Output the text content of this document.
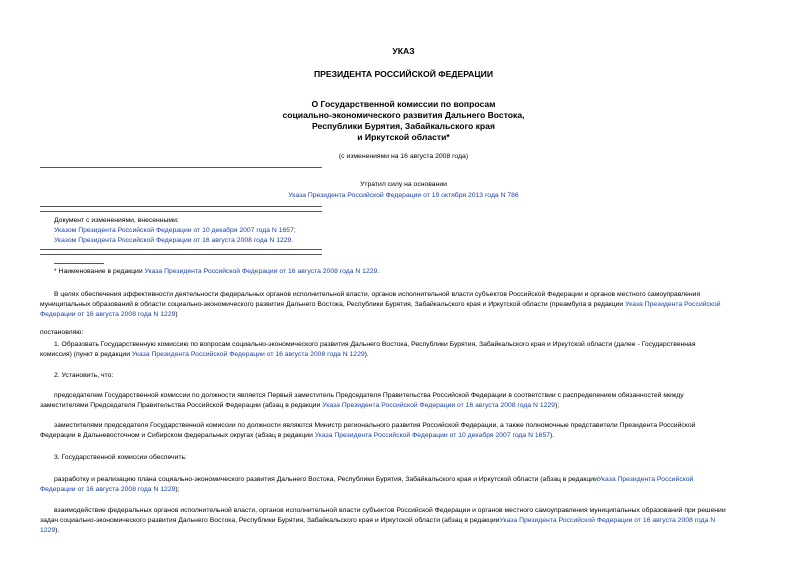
УКАЗ
ПРЕЗИДЕНТА РОССИЙСКОЙ ФЕДЕРАЦИИ
О Государственной комиссии по вопросам
социально-экономического развития Дальнего Востока,
Республики Бурятия, Забайкальского края
и Иркутской области*
(с изменениями на 16 августа 2008 года)
Утратил силу на основании
Указа Президента Российской Федерации от 19 октября 2013 года N 786
Документ с изменениями, внесенными:
Указом Президента Российской Федерации от 10 декабря 2007 года N 1657;
Указом Президента Российской Федерации от 16 августа 2008 года N 1229.
* Наименование в редакции Указа Президента Российской Федерации от 16 августа 2008 года N 1229.
В целях обеспечения эффективности деятельности федеральных органов исполнительной власти, органов исполнительной власти субъектов Российской Федерации и органов местного самоуправления
муниципальных образований в области социально-экономического развития Дальнего Востока, Республики Бурятия, Забайкальского края и Иркутской области (преамбула в редакции Указа Президента Российской
Федерации от 16 августа 2008 года N 1229)
постановляю:
1. Образовать Государственную комиссию по вопросам социально-экономического развития Дальнего Востока, Республики Бурятия, Забайкальского края и Иркутской области (далее - Государственная
комиссия) (пункт в редакции Указа Президента Российской Федерации от 16 августа 2008 года N 1229).
2. Установить, что:
председателем Государственной комиссии по должности является Первый заместитель Председателя Правительства Российской Федерации в соответствии с распределением обязанностей между
заместителями Председателя Правительства Российской Федерации (абзац в редакции Указа Президента Российской Федерации от 16 августа 2008 года N 1229);
заместителями председателя Государственной комиссии по должности являются Министр регионального развития Российской Федерации, а также полномочные представители Президента Российской
Федерации в Дальневосточном и Сибирском федеральных округах (абзац в редакции Указа Президента Российской Федерации от 10 декабря 2007 года N 1657).
3. Государственной комиссии обеспечить:
разработку и реализацию плана социально-экономического развития Дальнего Востока, Республики Бурятия, Забайкальского края и Иркутской области (абзац в редакцииУказа Президента Российской
Федерации от 16 августа 2008 года N 1229);
взаимодействие федеральных органов исполнительной власти, органов исполнительной власти субъектов Российской Федерации и органов местного самоуправления муниципальных образований при решении
задач социально-экономического развития Дальнего Востока, Республики Бурятия, Забайкальского края и Иркутской области (абзац в редакцииУказа Президента Российской Федерации от 16 августа 2008 года N
1229).
